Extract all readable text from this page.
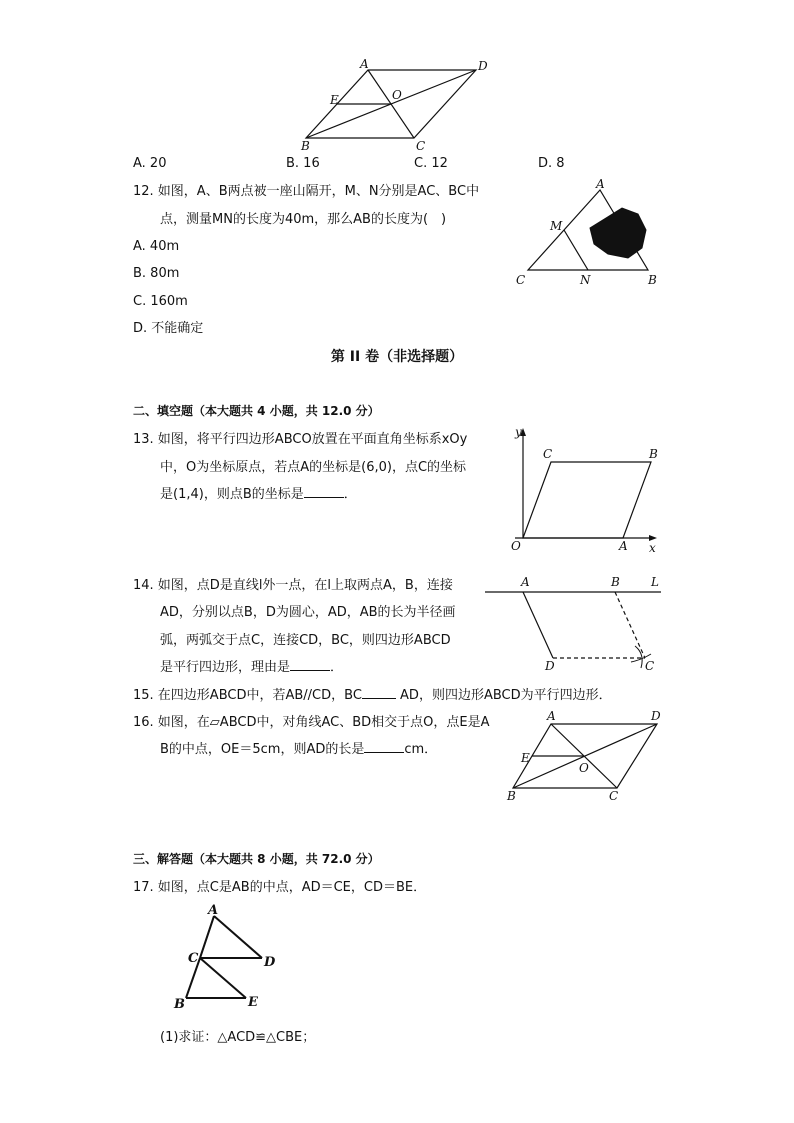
A	D
E	O
B	C
A. 20	B. 16	C. 12	D. 8
12. 如图，A、B两点被一座山隔开，M、N分别是AC、BC中
点，测量MN的长度为40m，那么AB的长度为(　)
A. 40m
B. 80m
C. 160m
D. 不能确定
A
M
C	N	B
第 II 卷（非选择题）
二、填空题（本大题共 4 小题，共 12.0 分）
13. 如图，将平行四边形ABCO放置在平面直角坐标系xOy
中，O为坐标原点，若点A的坐标是(6,0)，点C的坐标
是(1,4)，则点B的坐标是	．
y
C	B
O	A x
14. 如图，点D是直线l外一点，在l上取两点A，B，连接
AD，分别以点B，D为圆心，AD，AB的长为半径画
弧，两弧交于点C，连接CD，BC，则四边形ABCD
是平行四边形，理由是	．
A	B	L
D	C
15. 在四边形ABCD中，若AB//CD，BC	AD，则四边形ABCD为平行四边形．
16. 如图，在▱ABCD中，对角线AC、BD相交于点O，点E是A
B的中点，OE＝5cm，则AD的长是	cm．
A	D
E
O
B	C
三、解答题（本大题共 8 小题，共 72.0 分）
17. 如图，点C是AB的中点，AD＝CE，CD＝BE．
A
C	D
B	E
(1)求证：△ACD≌△CBE；
